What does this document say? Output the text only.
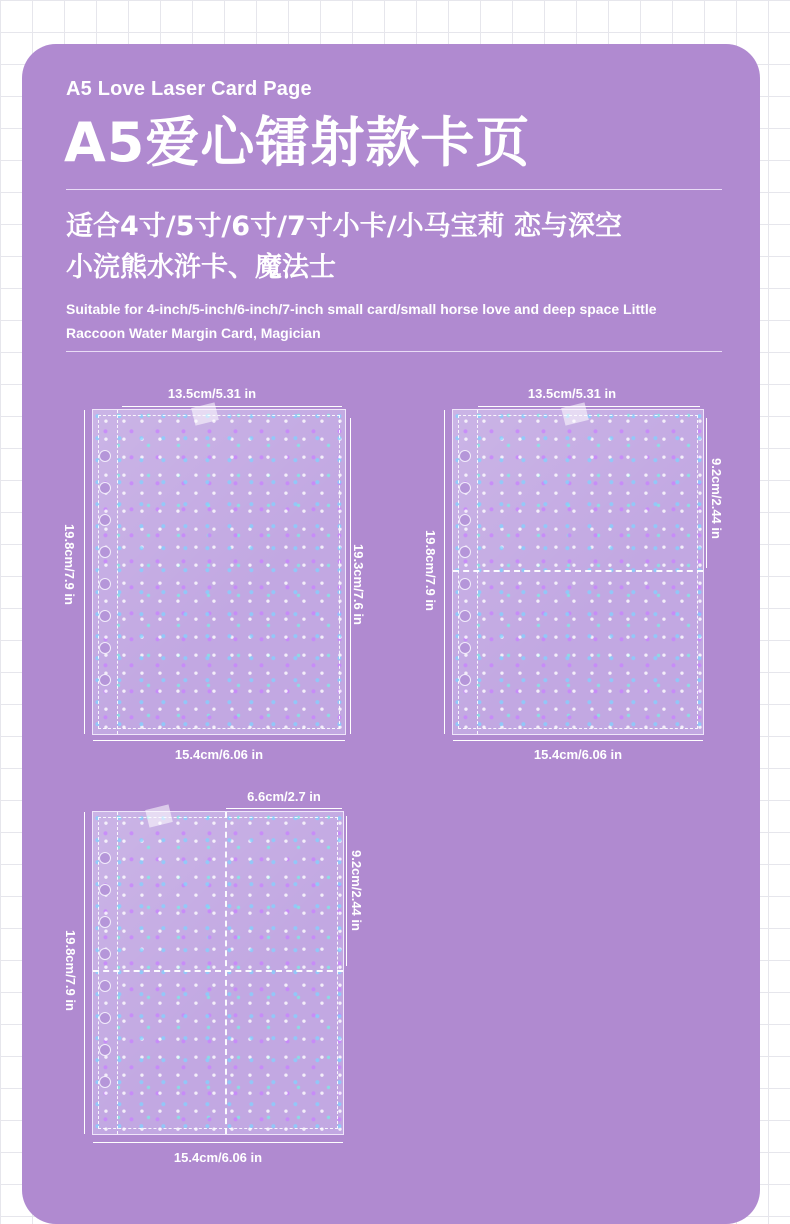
A5 Love Laser Card Page
A5爱心镭射款卡页
适合4寸/5寸/6寸/7寸小卡/小马宝莉 恋与深空
小浣熊水浒卡、魔法士
Suitable for 4-inch/5-inch/6-inch/7-inch small card/small horse love and deep space Little Raccoon Water Margin Card, Magician
13.5cm/5.31 in
19.8cm/7.9 in	19.3cm/7.6 in
15.4cm/6.06 in
13.5cm/5.31 in
19.8cm/7.9 in
9.2cm/2.44 in
15.4cm/6.06 in
6.6cm/2.7 in
19.8cm/7.9 in
9.2cm/2.44 in
15.4cm/6.06 in
